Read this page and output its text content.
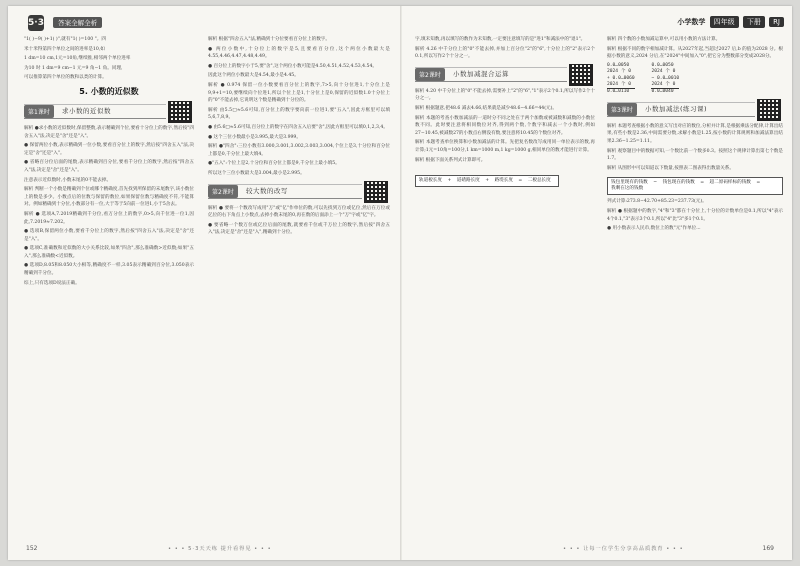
5·3 答案全解全析

"1( )−9( )+1( )",就有"1( )=100 "。四

米十米得第四个单位之间的进率是10,如

1 dm=10 cm,1元=10角,继续推,相邻两个单位进率

为10 时 1 dm=9 cm−1 元=9 角−1 角。同理,

可以推算第四个单位的数和以类的计算。

5. 小数的近似数
第1课时	求小数的近似数

解析 ●求小数的近似数时,保留整数,表示精确到个位,要看十分位上的数字,然后按"四舍五入"法,决定是"舍"还是"入"。

● 保留两位小数,表示精确到一位小数,要看百分位上的数字,然后按"四舍五入"法,决定是"舍"还是"入"。

● 省略百分位后面的尾数,表示精确到百分位,要看千分位上的数字,然后按"四舍五入"法,决定是"舍"还是"入"。

注意表示近似数时,小数末尾的0不能去掉。

解析 判断一个小数是精确到个位或哪个精确度,首先找到所保留的末尾数字,该小数位上的数是多少。小数点后的位数与保留的数位,如果保留位数与精确度不符,不能算对。例如精确到十分位,小数部分有一位,大于等于5向前一位进1,小于5舍去。

解析 ● 选项A,7.2019精确到千分位,看万分位上的数字,0>5,向千位进一位1,因此,7.2019≈7.202。

● 选项B,保留两位小数,要看千分位上的数字,然后按"四舍五入"法,决定是"舍"还是"入"。

● 选项C,准确数和近似数的大小关系比较,如果"四舍",那么准确数>近似数;如果"五入",那么准确数<近似数。

● 选项D,8.05和8.050大小相等,精确度不一样,3.05表示精确到百分位,3.050表示精确到千分位。

综上,只有选项D说法正确。

解析 根据"四舍五入"法,精确到十分位要看百分位上的数字。

● 两位小数中,十分位上的数字是5,且要看百分位,这个两位小数最大是4.55,4.46,4.47,4.48,4.49。

● 百分位上的数字小于5,要"舍",这个两位小数可能是4.50,4.51,4.52,4.53,4.54。

因此这个两位小数最大是4.54,最小是4.45。

解析 ● 0.974 保留一位小数要看百分位上的数字,7>5,向十分位进1,十分位上是9,9+1=10,要继续向个位进1,所以个位上是1,十分位上是0,保留的近似数1.0十分位上的"0"不能去掉,它说明这个数是精确到十分位的。

解析 由5.5□≈5.6可知,百分位上的数字要向前一位进1,要"五入",因此方框里可以填5,6,7,8,9。

● 由5.6□≈5.6可知,百分位上的数字在四舍五入后要"舍",因此方框里可以填0,1,2,3,4。

● 这个三位小数最小是3.995,最大是3.999。

解析 ●"四舍":三位小数有3.000,3.001,3.002,3.003,3.004,个位上是3,十分位和百分位上都是0,千分位上最大填4。

●"五入":个位上是2,十分位和百分位上都是9,千分位上最小填5。

所以这个三位小数最大是3.004,最小是2.995。

第2课时	较大数的改写

解析 ● 要将一个数改写成用"万"或"亿"作单位的数,可以先找到万位或亿位,然后在万位或亿位的右下角点上小数点,去掉小数末尾的0,再在数的后面添上一个"万"字或"亿"字。

● 要省略一个数万位或亿位后面的尾数,就要看千位或千万位上的数字,然后按"四舍五入"法,决定是"舍"还是"入",精确到十分位。

152	• • • 5·3天天练 提升看得见 • • •
小学数学 四年级 下册 RJ

字,填未知数,再以填写的数作为未知数,一定要注意填写的是"进1"和减法中的"退1"。

解析 4.26 中千分位上的"0"不能去掉,并加上百分位"2"的"6",十分位上的"2"表示2个0.1,所以写作2个十分之一。

第2课时	小数加减混合运算

解析 4.20 中千分位上的"0"不能去掉,需要补上"2"的"6","1"表示2个0.1,所以写作2个十分之一。

解析 根据题意,把48.6 减去4.66,结果就是减少48.6−4.66=44(元)。

解析 本题的考查小数加减法的一道时分不同之处在于两个加数或被减数和减数的小数位数不同。此时要注意将相同数位对齐,得到两个数,个数字和减去一个小数时,例如27−10.45,被减数27的小数点右侧没有数,要注意将10.45的个数位对齐。

解析 本题考查单位换算和小数加减法的计算。先把复名数改写成用同一单位表示的数,再计算;1元=10角=100分,1 km=1000 m,1 kg=1000 g,相同单位的数才能进行计算。

解析 根据下面关系列式计算即可。

轨道板长度 + 道碴路长度 + 路堤长度 = 二板总长度

解析 四个数的小数加减运算中,可以用小数的方法计算。

解析 根据不同的数字相加减计算。从2027年起,当超过2027 后,b 的值为2028 分。根据小数的意义,2024 分后,在"2024"中间加入"0",把它分为整数部分变成2028分。

0.0…0050
2024 个 0
+ 0.0…0060
2024 个 0
0.0…0110

0.0…0050
2024 个 0
− 0.0…0010
2024 个 0
0.0…0040
第3课时	小数加减法(练习课)

解析 本题考查根据小数的意义写出对应的数位,分析并计算,是根据乘法分配律,计算出结果,有些小数是2.36,中间需要分数,求解小数是1.25,按小数的计算规则和加减法算出结果2.36−1.25=1.11。

解析 观察题目中的数据可知,一个数比前一个数多0.3。按照这个规律计算出第七个数是1.7。

解析 从图形中可以知道以下数量,按照表二图表得出数量关系。

钱包里现有的钱数 − 钱包现在的钱数 = 超二原码样标的钱数 = 我剩在这的钱数

列式计算:273.8−42.70+85.23=237.73(元)。

解析 ● 根据题中的数字,"4"和"3"都在十分位上,十分位的计数单位是0.1,所以"4"表示4个0.1,"3"表示3个0.1,所以"4"比"3"多1个0.1。

● 用小数表示人民币,数位上的数"元"作单位...

• • • 让每一位学生分享高品质教育 • • •	169
